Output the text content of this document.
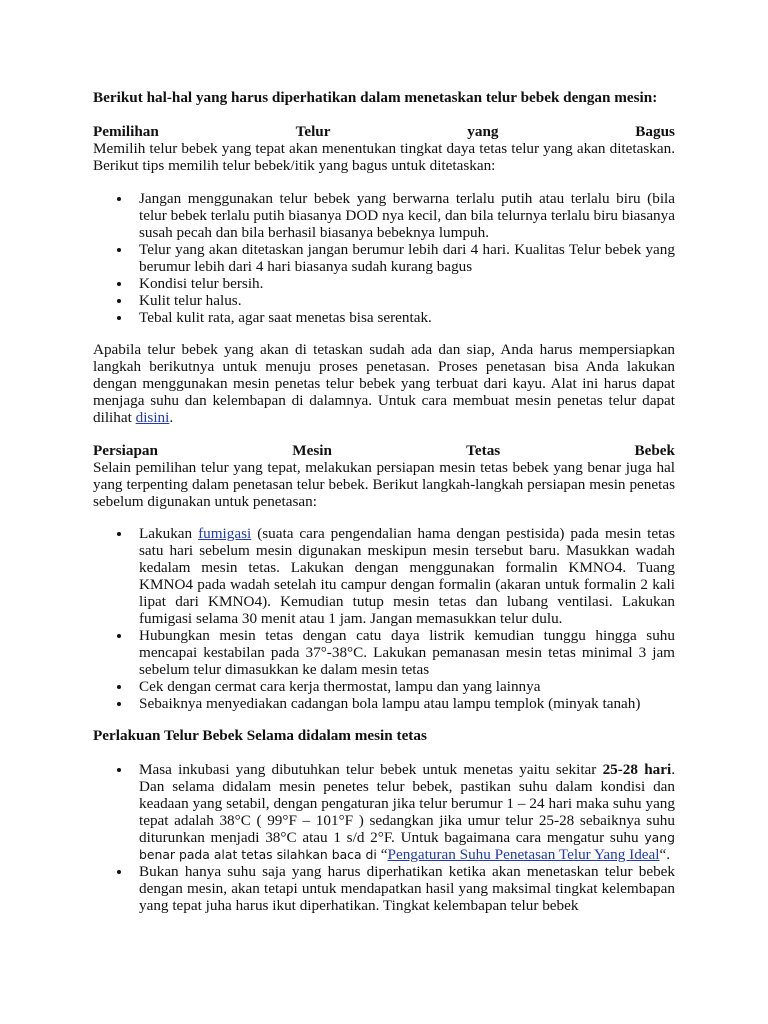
Berikut hal-hal yang harus diperhatikan dalam menetaskan telur bebek dengan mesin:

Pemilihan	Telur	yang	Bagus

Memilih telur bebek yang tepat akan menentukan tingkat daya tetas telur yang akan ditetaskan. Berikut tips memilih telur bebek/itik yang bagus untuk ditetaskan:

Jangan menggunakan telur bebek yang berwarna terlalu putih atau terlalu biru (bila telur bebek terlalu putih biasanya DOD nya kecil, dan bila telurnya terlalu biru biasanya susah pecah dan bila berhasil biasanya bebeknya lumpuh.
Telur yang akan ditetaskan jangan berumur lebih dari 4 hari. Kualitas Telur bebek yang berumur lebih dari 4 hari biasanya sudah kurang bagus
Kondisi telur bersih.
Kulit telur halus.
Tebal kulit rata, agar saat menetas bisa serentak.

Apabila telur bebek yang akan di tetaskan sudah ada dan siap, Anda harus mempersiapkan langkah berikutnya untuk menuju proses penetasan. Proses penetasan bisa Anda lakukan dengan menggunakan mesin penetas telur bebek yang terbuat dari kayu. Alat ini harus dapat menjaga suhu dan kelembapan di dalamnya. Untuk cara membuat mesin penetas telur dapat dilihat disini.

Persiapan	Mesin	Tetas	Bebek

Selain pemilihan telur yang tepat, melakukan persiapan mesin tetas bebek yang benar juga hal yang terpenting dalam penetasan telur bebek. Berikut langkah-langkah persiapan mesin penetas sebelum digunakan untuk penetasan:

Lakukan fumigasi (suata cara pengendalian hama dengan pestisida) pada mesin tetas satu hari sebelum mesin digunakan meskipun mesin tersebut baru. Masukkan wadah kedalam mesin tetas. Lakukan dengan menggunakan formalin KMNO4. Tuang KMNO4 pada wadah setelah itu campur dengan formalin (akaran untuk formalin 2 kali lipat dari KMNO4). Kemudian tutup mesin tetas dan lubang ventilasi. Lakukan fumigasi selama 30 menit atau 1 jam. Jangan memasukkan telur dulu.
Hubungkan mesin tetas dengan catu daya listrik kemudian tunggu hingga suhu mencapai kestabilan pada 37°-38°C. Lakukan pemanasan mesin tetas minimal 3 jam sebelum telur dimasukkan ke dalam mesin tetas
Cek dengan cermat cara kerja thermostat, lampu dan yang lainnya
Sebaiknya menyediakan cadangan bola lampu atau lampu templok (minyak tanah)

Perlakuan Telur Bebek Selama didalam mesin tetas

Masa inkubasi yang dibutuhkan telur bebek untuk menetas yaitu sekitar 25-28 hari. Dan selama didalam mesin penetes telur bebek, pastikan suhu dalam kondisi dan keadaan yang setabil, dengan pengaturan jika telur berumur 1 – 24 hari maka suhu yang tepat adalah 38°C ( 99°F – 101°F ) sedangkan jika umur telur 25-28 sebaiknya suhu diturunkan menjadi 38°C atau 1 s/d 2°F. Untuk bagaimana cara mengatur suhu yang benar pada alat tetas silahkan baca di “Pengaturan Suhu Penetasan Telur Yang Ideal“.
Bukan hanya suhu saja yang harus diperhatikan ketika akan menetaskan telur bebek dengan mesin, akan tetapi untuk mendapatkan hasil yang maksimal tingkat kelembapan yang tepat juha harus ikut diperhatikan. Tingkat kelembapan telur bebek
